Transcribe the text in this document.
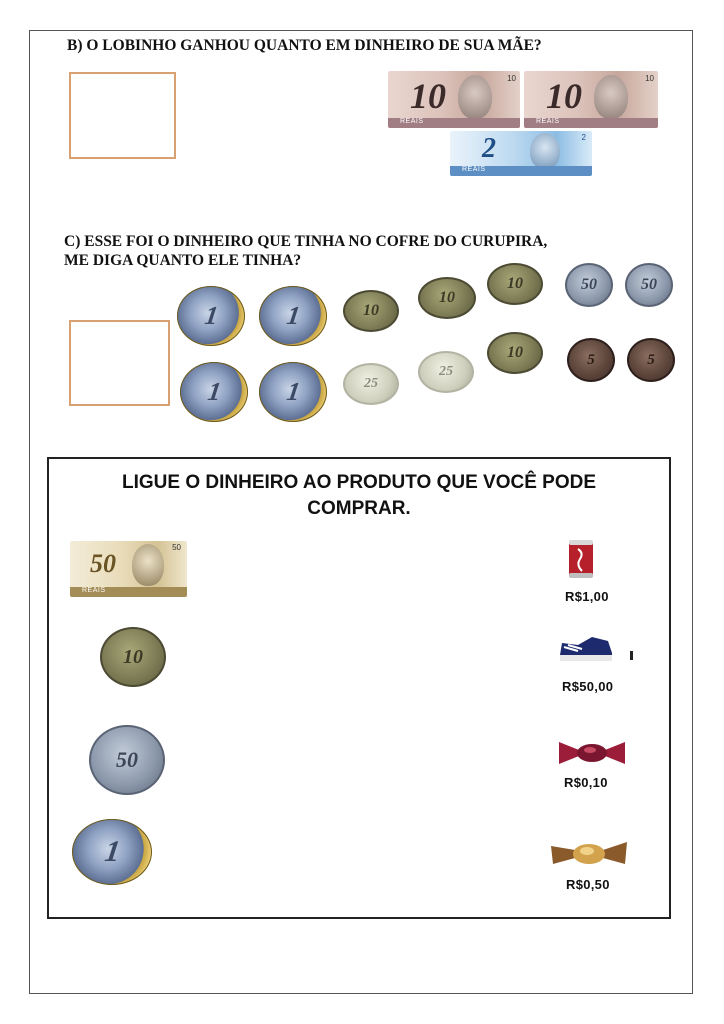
B) O LOBINHO GANHOU QUANTO EM DINHEIRO DE SUA MÃE?
10	10
REAIS
10	10
REAIS
2	2
REAIS
C) ESSE FOI O DINHEIRO QUE TINHA NO COFRE DO CURUPIRA,
ME DIGA QUANTO ELE TINHA?
1 1	10
10
10	50	50
1 1	25
25
10	5	5
LIGUE O DINHEIRO AO PRODUTO QUE VOCÊ PODE
COMPRAR.
50
50
REAIS
10
50
1
R$1,00
R$50,00
R$0,10
R$0,50
